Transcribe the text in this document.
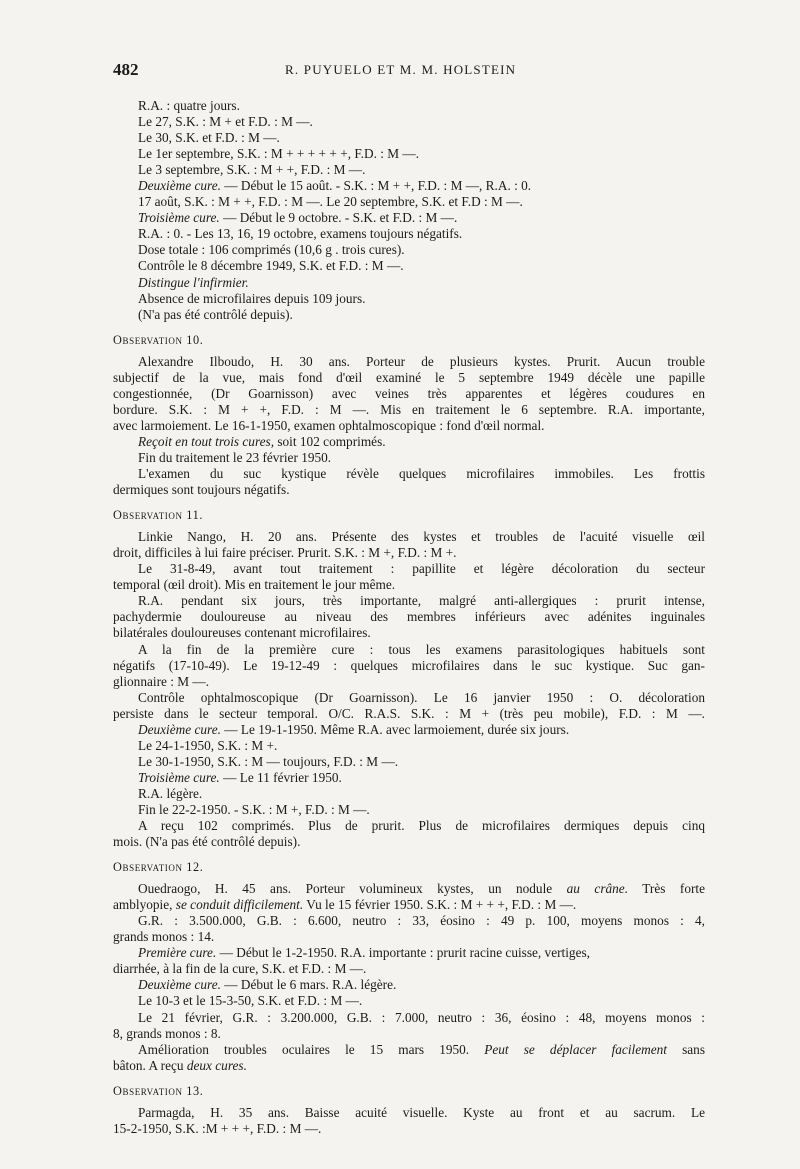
482	R. PUYUELO ET M. M. HOLSTEIN
R.A. : quatre jours.
Le 27, S.K. : M + et F.D. : M —.
Le 30, S.K. et F.D. : M —.
Le 1er septembre, S.K. : M + + + + + +, F.D. : M —.
Le 3 septembre, S.K. : M + +, F.D. : M —.
Deuxième cure. — Début le 15 août. - S.K. : M + +, F.D. : M —, R.A. : 0.
17 août, S.K. : M + +, F.D. : M —. Le 20 septembre, S.K. et F.D : M —.
Troisième cure. — Début le 9 octobre. - S.K. et F.D. : M —.
R.A. : 0. - Les 13, 16, 19 octobre, examens toujours négatifs.
Dose totale : 106 comprimés (10,6 g . trois cures).
Contrôle le 8 décembre 1949, S.K. et F.D. : M —.
Distingue l'infirmier.
Absence de microfilaires depuis 109 jours.
(N'a pas été contrôlé depuis).
Observation 10.
Alexandre Ilboudo, H. 30 ans. Porteur de plusieurs kystes. Prurit. Aucun trouble
subjectif de la vue, mais fond d'œil examiné le 5 septembre 1949 décèle une papille
congestionnée, (Dr Goarnisson) avec veines très apparentes et légères coudures en
bordure. S.K. : M + +, F.D. : M —. Mis en traitement le 6 septembre. R.A. importante,
avec larmoiement. Le 16-1-1950, examen ophtalmoscopique : fond d'œil normal.
Reçoit en tout trois cures, soit 102 comprimés.
Fin du traitement le 23 février 1950.
L'examen du suc kystique révèle quelques microfilaires immobiles. Les frottis
dermiques sont toujours négatifs.
Observation 11.
Linkie Nango, H. 20 ans. Présente des kystes et troubles de l'acuité visuelle œil
droit, difficiles à lui faire préciser. Prurit. S.K. : M +, F.D. : M +.
Le 31-8-49, avant tout traitement : papillite et légère décoloration du secteur
temporal (œil droit). Mis en traitement le jour même.
R.A. pendant six jours, très importante, malgré anti-allergiques : prurit intense,
pachydermie douloureuse au niveau des membres inférieurs avec adénites inguinales
bilatérales douloureuses contenant microfilaires.
A la fin de la première cure : tous les examens parasitologiques habituels sont
négatifs (17-10-49). Le 19-12-49 : quelques microfilaires dans le suc kystique. Suc gan-
glionnaire : M —.
Contrôle ophtalmoscopique (Dr Goarnisson). Le 16 janvier 1950 : O. décoloration
persiste dans le secteur temporal. O/C. R.A.S. S.K. : M + (très peu mobile), F.D. : M —.
Deuxième cure. — Le 19-1-1950. Même R.A. avec larmoiement, durée six jours.
Le 24-1-1950, S.K. : M +.
Le 30-1-1950, S.K. : M — toujours, F.D. : M —.
Troisième cure. — Le 11 février 1950.
R.A. légère.
Fin le 22-2-1950. - S.K. : M +, F.D. : M —.
A reçu 102 comprimés. Plus de prurit. Plus de microfilaires dermiques depuis cinq
mois. (N'a pas été contrôlé depuis).
Observation 12.
Ouedraogo, H. 45 ans. Porteur volumineux kystes, un nodule au crâne. Très forte
amblyopie, se conduit difficilement. Vu le 15 février 1950. S.K. : M + + +, F.D. : M —.
G.R. : 3.500.000, G.B. : 6.600, neutro : 33, éosino : 49 p. 100, moyens monos : 4,
grands monos : 14.
Première cure. — Début le 1-2-1950. R.A. importante : prurit racine cuisse, vertiges,
diarrhée, à la fin de la cure, S.K. et F.D. : M —.
Deuxième cure. — Début le 6 mars. R.A. légère.
Le 10-3 et le 15-3-50, S.K. et F.D. : M —.
Le 21 février, G.R. : 3.200.000, G.B. : 7.000, neutro : 36, éosino : 48, moyens monos :
8, grands monos : 8.
Amélioration troubles oculaires le 15 mars 1950. Peut se déplacer facilement sans
bâton. A reçu deux cures.
Observation 13.
Parmagda, H. 35 ans. Baisse acuité visuelle. Kyste au front et au sacrum. Le
15-2-1950, S.K. :M + + +, F.D. : M —.
